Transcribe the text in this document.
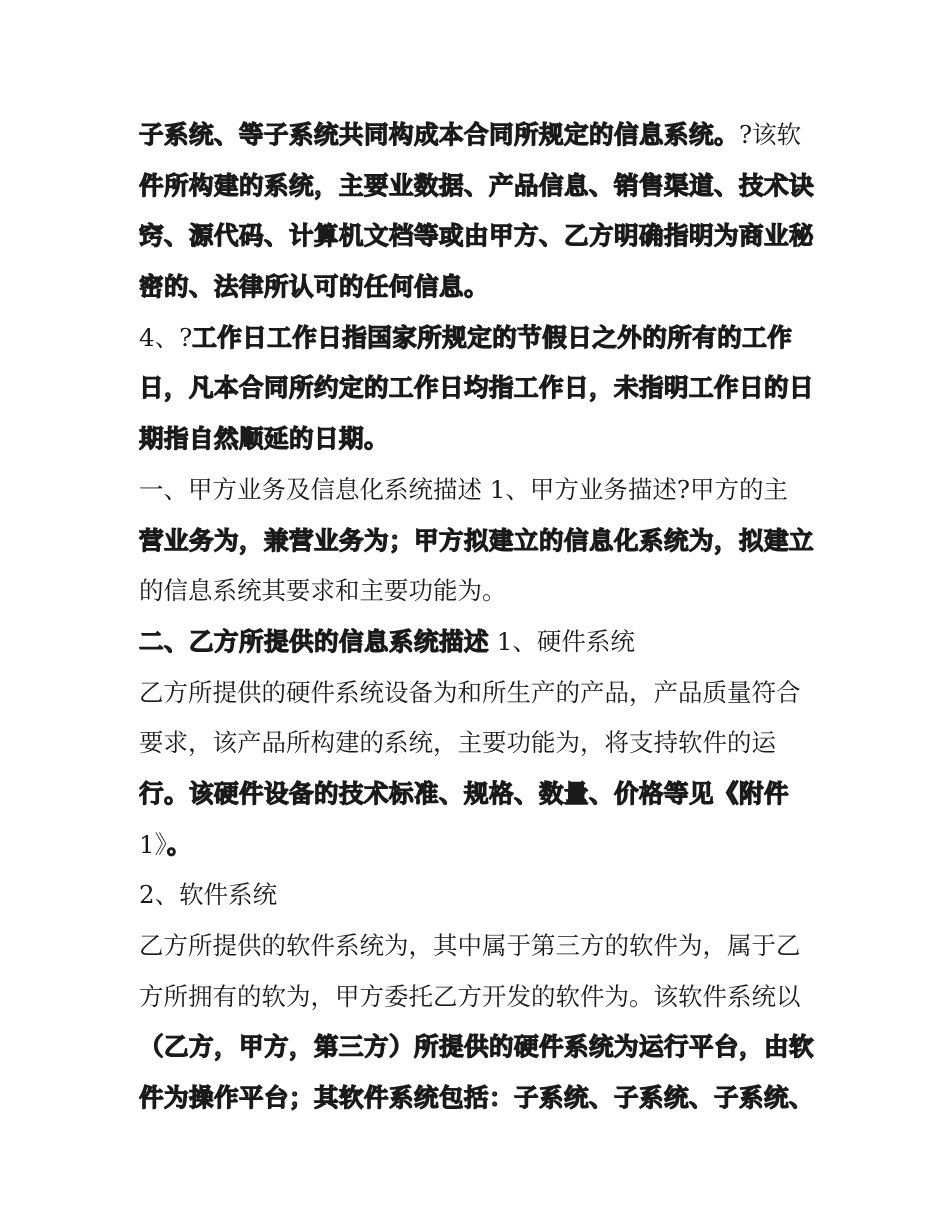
子系统、等子系统共同构成本合同所规定的信息系统。?该软
件所构建的系统，主要业数据、产品信息、销售渠道、技术诀
窍、源代码、计算机文档等或由甲方、乙方明确指明为商业秘
密的、法律所认可的任何信息。
4、?工作日工作日指国家所规定的节假日之外的所有的工作
日，凡本合同所约定的工作日均指工作日，未指明工作日的日
期指自然顺延的日期。
一、甲方业务及信息化系统描述 1、甲方业务描述?甲方的主
营业务为，兼营业务为；甲方拟建立的信息化系统为，拟建立
的信息系统其要求和主要功能为。
二、乙方所提供的信息系统描述 1、硬件系统
乙方所提供的硬件系统设备为和所生产的产品，产品质量符合
要求，该产品所构建的系统，主要功能为，将支持软件的运
行。该硬件设备的技术标准、规格、数量、价格等见《附件
1》。
2、软件系统
乙方所提供的软件系统为，其中属于第三方的软件为，属于乙
方所拥有的软为，甲方委托乙方开发的软件为。该软件系统以
（乙方，甲方，第三方）所提供的硬件系统为运行平台，由软
件为操作平台；其软件系统包括：子系统、子系统、子系统、
